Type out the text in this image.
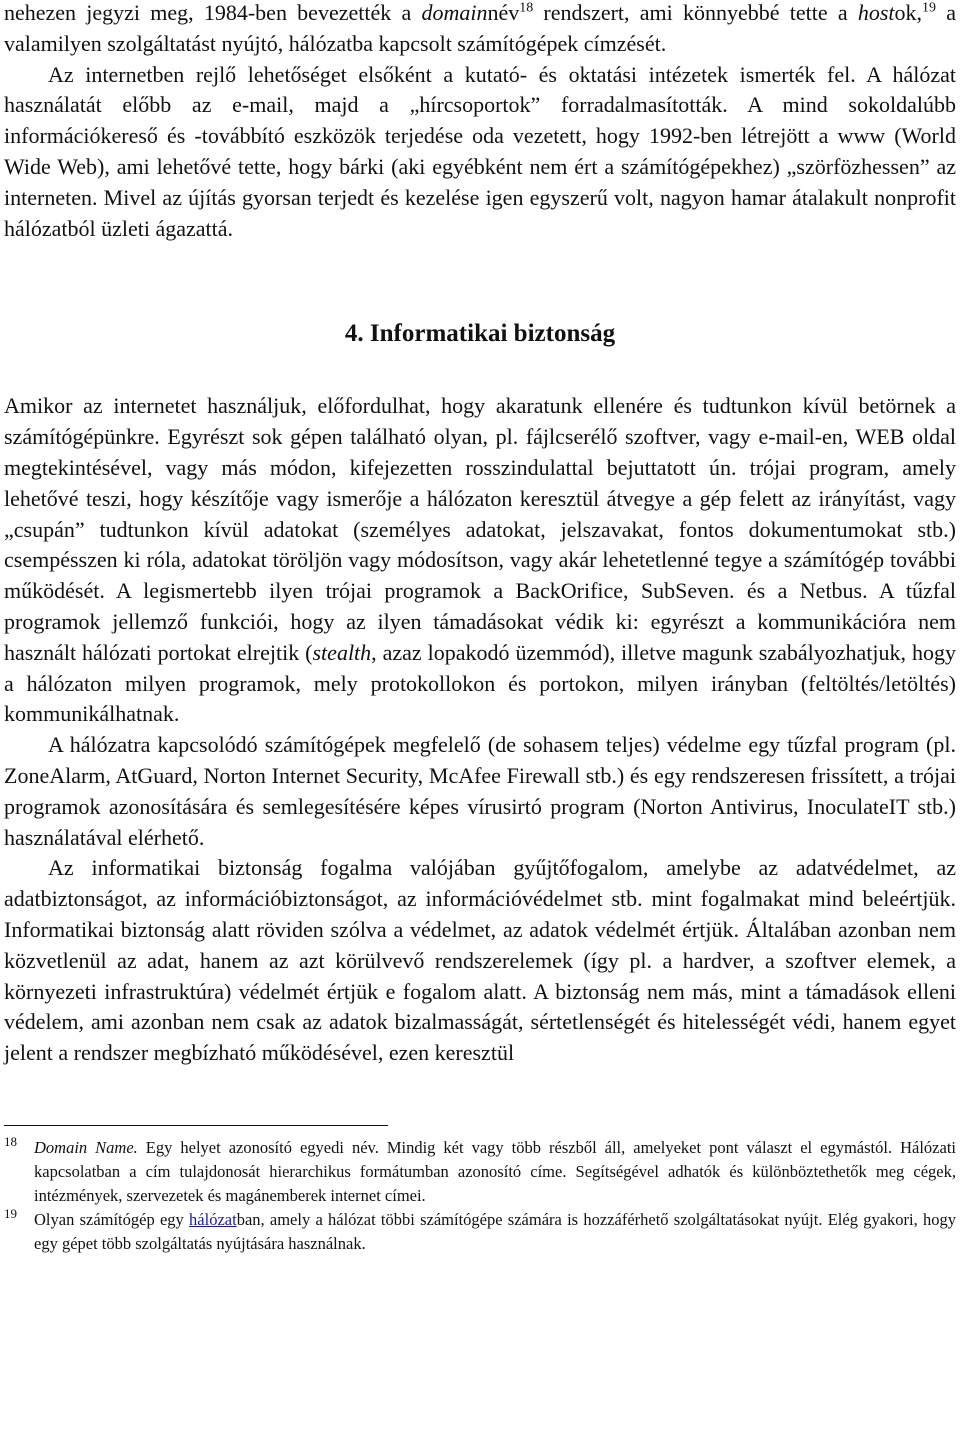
nehezen jegyzi meg, 1984-ben bevezették a domainnév$^{18}$ rendszert, ami könnyebbé tette a hostok,$^{19}$ a valamilyen szolgáltatást nyújtó, hálózatba kapcsolt számítógépek címzését.

Az internetben rejlő lehetőséget elsőként a kutató- és oktatási intézetek ismerték fel. A hálózat használatát előbb az e-mail, majd a „hírcsoportok” forradalmasították. A mind sokoldalúbb információkereső és -továbbító eszközök terjedése oda vezetett, hogy 1992-ben létrejött a www (World Wide Web), ami lehetővé tette, hogy bárki (aki egyébként nem ért a számítógépekhez) „szörfözhessen” az interneten. Mivel az újítás gyorsan terjedt és kezelése igen egyszerű volt, nagyon hamar átalakult nonprofit hálózatból üzleti ágazattá.

4. Informatikai biztonság

Amikor az internetet használjuk, előfordulhat, hogy akaratunk ellenére és tudtunkon kívül betörnek a számítógépünkre. Egyrészt sok gépen található olyan, pl. fájlcserélő szoftver, vagy e-mail-en, WEB oldal megtekintésével, vagy más módon, kifejezetten rosszindulattal bejuttatott ún. trójai program, amely lehetővé teszi, hogy készítője vagy ismerője a hálózaton keresztül átvegye a gép felett az irányítást, vagy „csupán” tudtunkon kívül adatokat (személyes adatokat, jelszavakat, fontos dokumentumokat stb.) csempésszen ki róla, adatokat töröljön vagy módosítson, vagy akár lehetetlenné tegye a számítógép további működését. A legismertebb ilyen trójai programok a BackOrifice, SubSeven. és a Netbus. A tűzfal programok jellemző funkciói, hogy az ilyen támadásokat védik ki: egyrészt a kommunikációra nem használt hálózati portokat elrejtik (stealth, azaz lopakodó üzemmód), illetve magunk szabályozhatjuk, hogy a hálózaton milyen programok, mely protokollokon és portokon, milyen irányban (feltöltés/letöltés) kommunikálhatnak.

A hálózatra kapcsolódó számítógépek megfelelő (de sohasem teljes) védelme egy tűzfal program (pl. ZoneAlarm, AtGuard, Norton Internet Security, McAfee Firewall stb.) és egy rendszeresen frissített, a trójai programok azonosítására és semlegesítésére képes vírusirtó program (Norton Antivirus, InoculateIT stb.) használatával elérhető.

Az informatikai biztonság fogalma valójában gyűjtőfogalom, amelybe az adatvédelmet, az adatbiztonságot, az információbiztonságot, az információvédelmet stb. mint fogalmakat mind beleértjük. Informatikai biztonság alatt röviden szólva a védelmet, az adatok védelmét értjük. Általában azonban nem közvetlenül az adat, hanem az azt körülvevő rendszerelemek (így pl. a hardver, a szoftver elemek, a környezeti infrastruktúra) védelmét értjük e fogalom alatt. A biztonság nem más, mint a támadások elleni védelem, ami azonban nem csak az adatok bizalmasságát, sértetlenségét és hitelességét védi, hanem egyet jelent a rendszer megbízható működésével, ezen keresztül

18 Domain Name. Egy helyet azonosító egyedi név. Mindig két vagy több részből áll, amelyeket pont választ el egymástól. Hálózati kapcsolatban a cím tulajdonosát hierarchikus formátumban azonosító címe. Segítségével adhatók és különböztethetők meg cégek, intézmények, szervezetek és magánemberek internet címei.
19 Olyan számítógép egy hálózatban, amely a hálózat többi számítógépe számára is hozzáférhető szolgáltatásokat nyújt. Elég gyakori, hogy egy gépet több szolgáltatás nyújtására használnak.
